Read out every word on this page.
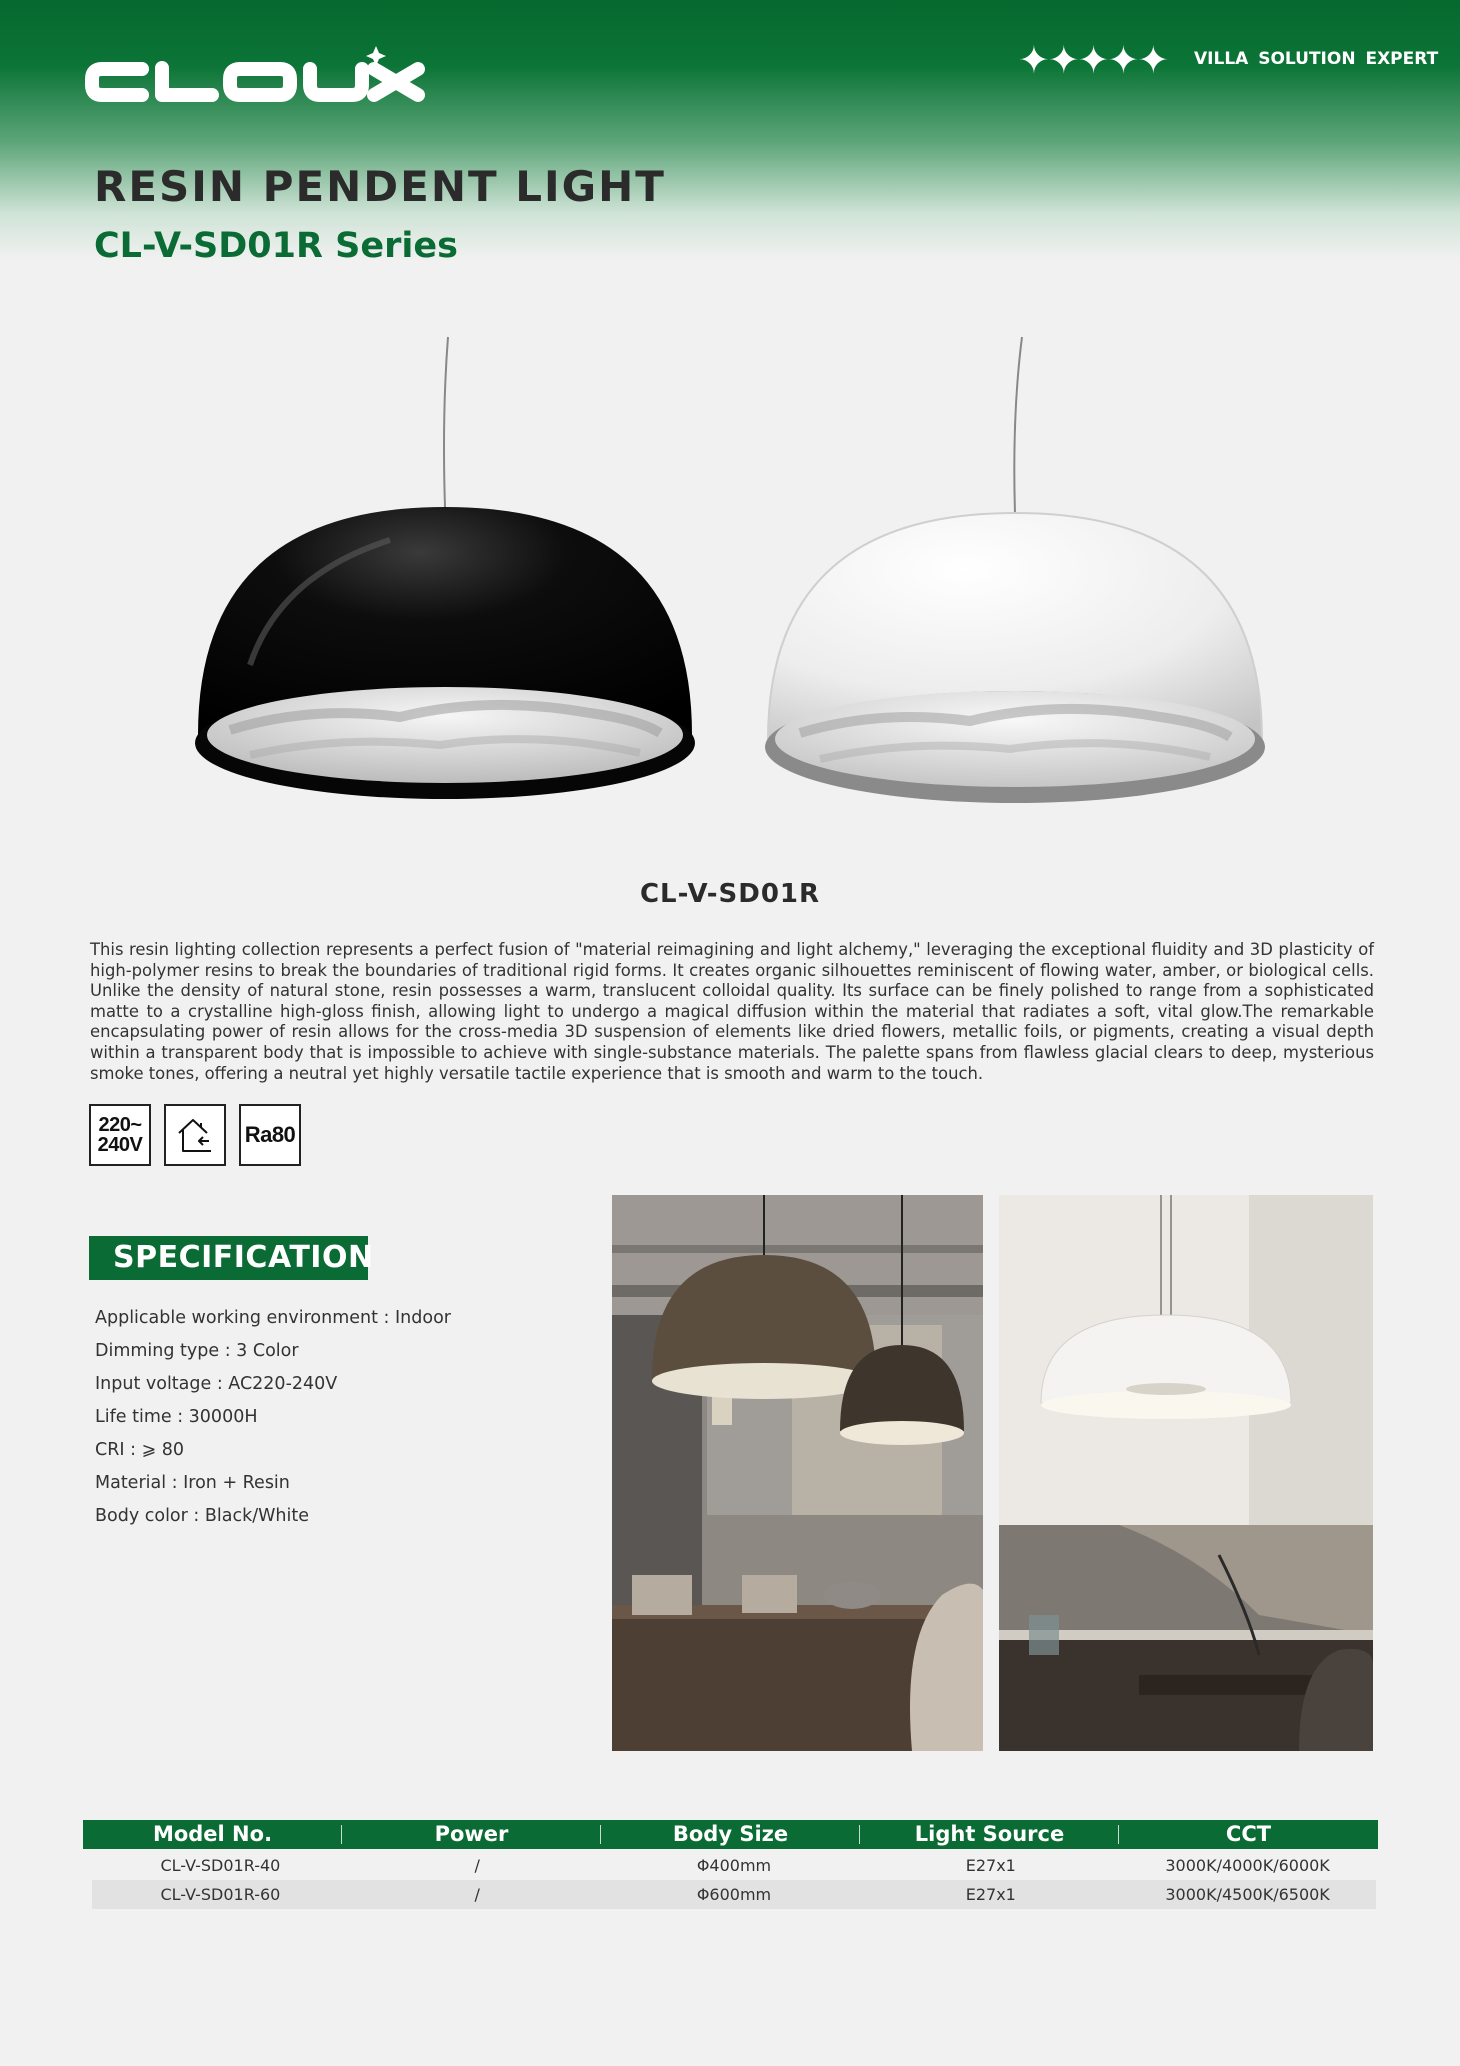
✦✦✦✦✦ VILLA SOLUTION EXPERT
RESIN PENDENT LIGHT
CL-V-SD01R Series
CL-V-SD01R

This resin lighting collection represents a perfect fusion of "material reimagining and light alchemy," leveraging the exceptional fluidity and 3D plasticity of high-polymer resins to break the boundaries of traditional rigid forms. It creates organic silhouettes reminiscent of flowing water, amber, or biological cells. Unlike the density of natural stone, resin possesses a warm, translucent colloidal quality. Its surface can be finely polished to range from a sophisticated matte to a crystalline high-gloss finish, allowing light to undergo a magical diffusion within the material that radiates a soft, vital glow.The remarkable encapsulating power of resin allows for the cross-media 3D suspension of elements like dried flowers, metallic foils, or pigments, creating a visual depth within a transparent body that is impossible to achieve with single-substance materials. The palette spans from flawless glacial clears to deep, mysterious smoke tones, offering a neutral yet highly versatile tactile experience that is smooth and warm to the touch.

220~
240V	Ra80
SPECIFICATION
Applicable working environment : Indoor
Dimming type : 3 Color
Input voltage : AC220-240V
Life time : 30000H
CRI : ⩾ 80
Material : Iron + Resin
Body color : Black/White
Model No.	Power	Body Size	Light Source	CCT
CL-V-SD01R-40	/	Φ400mm	E27x1	3000K/4000K/6000K
CL-V-SD01R-60	/	Φ600mm	E27x1	3000K/4500K/6500K
